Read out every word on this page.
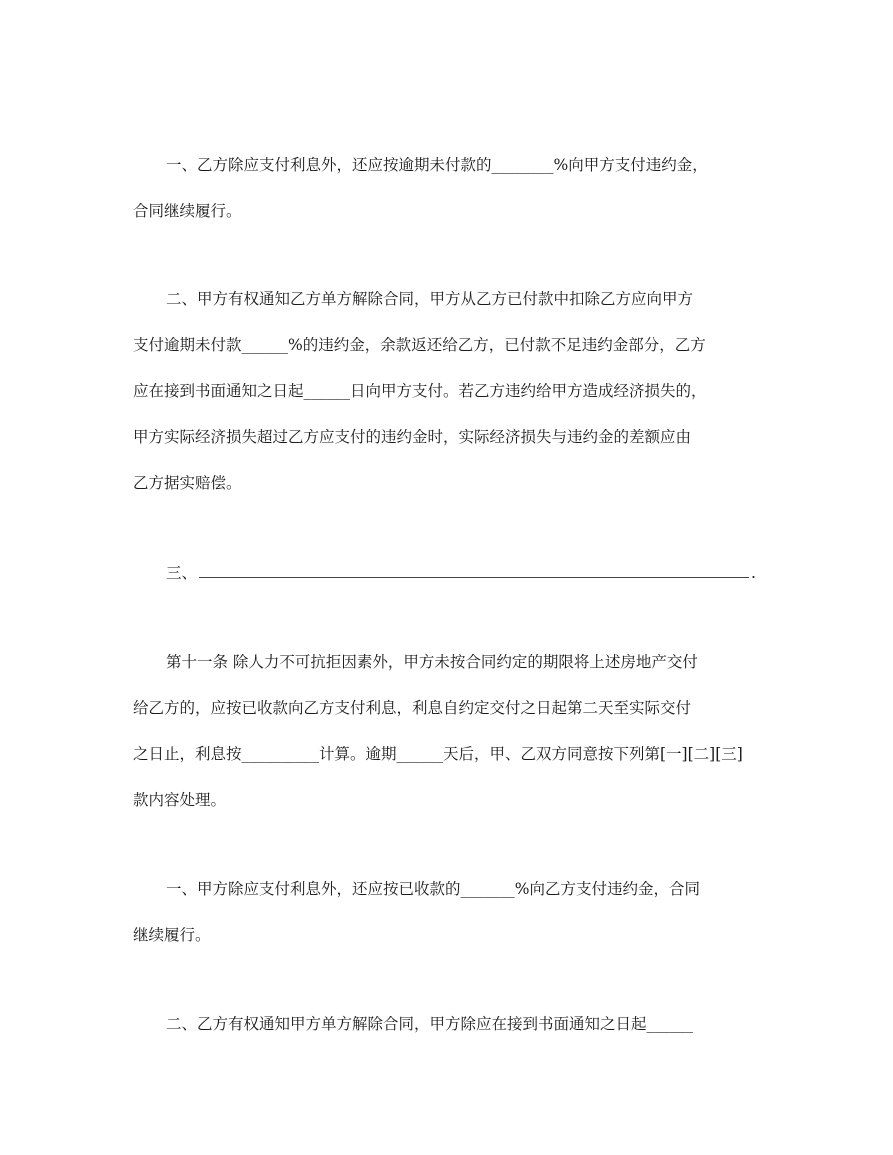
一、乙方除应支付利息外，还应按逾期未付款的________%向甲方支付违约金，
合同继续履行。
二、甲方有权通知乙方单方解除合同，甲方从乙方已付款中扣除乙方应向甲方
支付逾期未付款______%的违约金，余款返还给乙方，已付款不足违约金部分，乙方
应在接到书面通知之日起______日向甲方支付。若乙方违约给甲方造成经济损失的，
甲方实际经济损失超过乙方应支付的违约金时，实际经济损失与违约金的差额应由
乙方据实赔偿。
三、	.
第十一条 除人力不可抗拒因素外，甲方未按合同约定的期限将上述房地产交付
给乙方的，应按已收款向乙方支付利息，利息自约定交付之日起第二天至实际交付
之日止，利息按__________计算。逾期______天后，甲、乙双方同意按下列第[一][二][三]
款内容处理。
一、甲方除应支付利息外，还应按已收款的_______%向乙方支付违约金，合同
继续履行。
二、乙方有权通知甲方单方解除合同，甲方除应在接到书面通知之日起______
